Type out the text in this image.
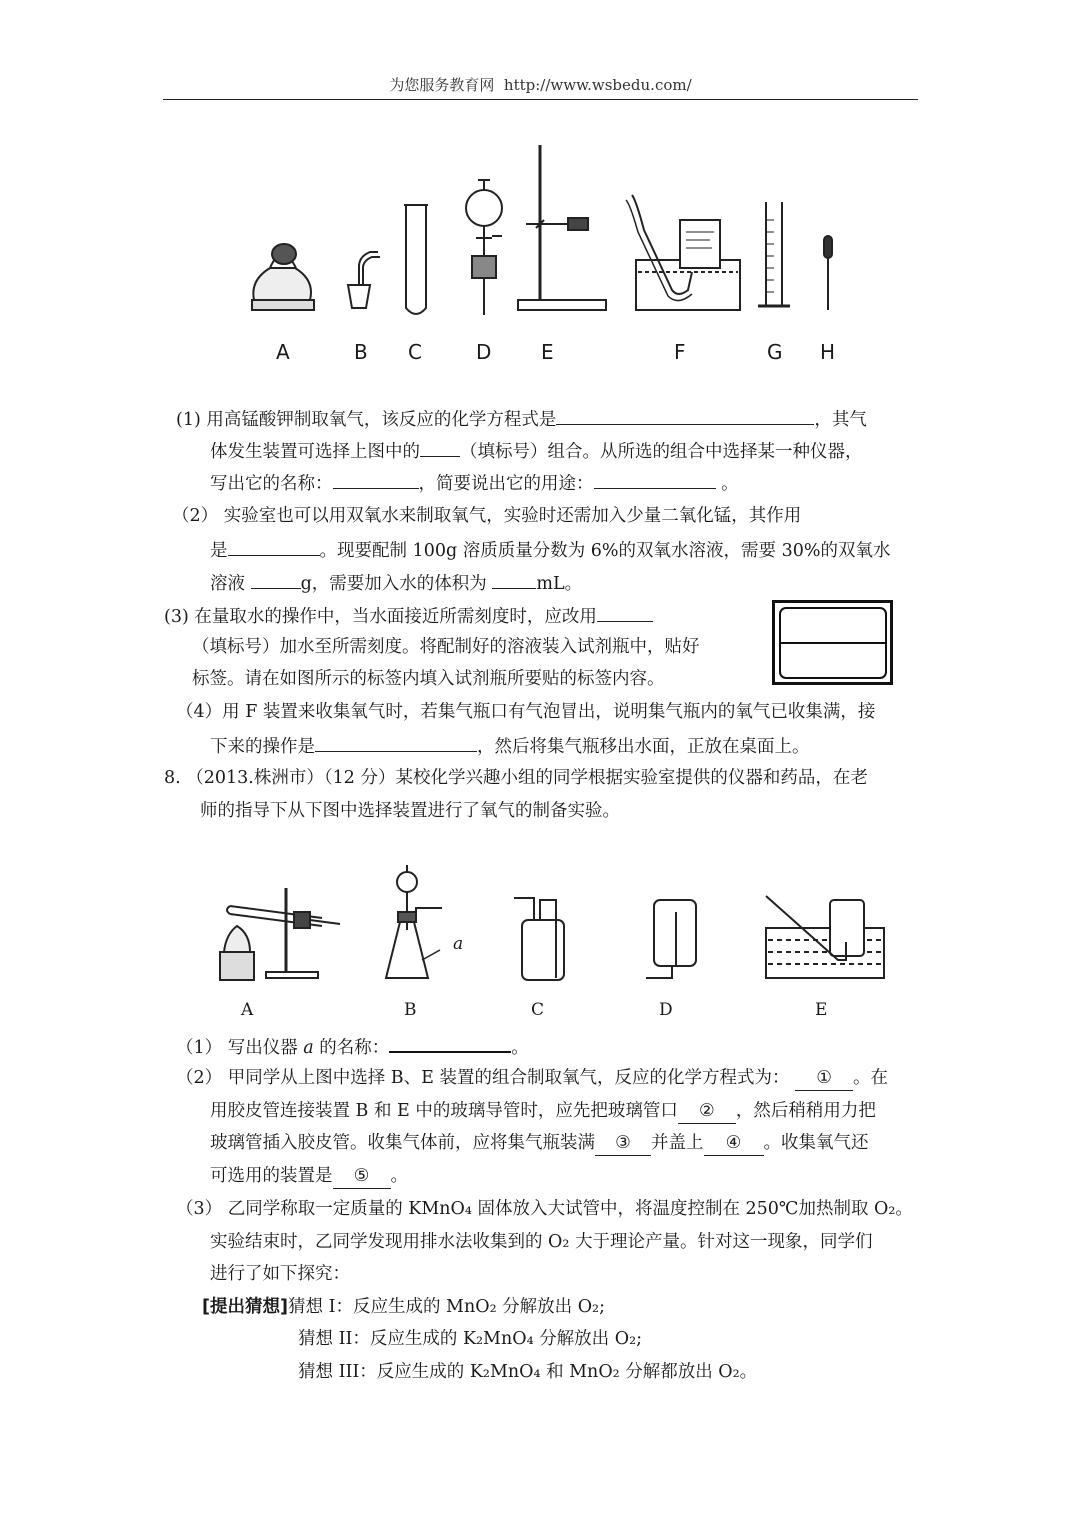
为您服务教育网 http://www.wsbedu.com/
A	B C	D E	F	G H
(1) 用高锰酸钾制取氧气，该反应的化学方程式是	，其气
体发生装置可选择上图中的 （填标号）组合。从所选的组合中选择某一种仪器，
写出它的名称：	，简要说出它的用途：	。
（2） 实验室也可以用双氧水来制取氧气，实验时还需加入少量二氧化锰，其作用
是	。现要配制 100g 溶质质量分数为 6%的双氧水溶液，需要 30%的双氧水
溶液	g，需要加入水的体积为	mL。
(3) 在量取水的操作中，当水面接近所需刻度时，应改用
（填标号）加水至所需刻度。将配制好的溶液装入试剂瓶中，贴好
标签。请在如图所示的标签内填入试剂瓶所要贴的标签内容。
（4）用 F 装置来收集氧气时，若集气瓶口有气泡冒出，说明集气瓶内的氧气已收集满，接
下来的操作是	，然后将集气瓶移出水面，正放在桌面上。
8. （2013.株洲市）（12 分）某校化学兴趣小组的同学根据实验室提供的仪器和药品，在老
师的指导下从下图中选择装置进行了氧气的制备实验。
A	B	C	D	E
a
（1） 写出仪器 a 的名称：	。
（2） 甲同学从上图中选择 B、E 装置的组合制取氧气，反应的化学方程式为： ① 。在
用胶皮管连接装置 B 和 E 中的玻璃导管时，应先把玻璃管口 ② ，然后稍稍用力把
玻璃管插入胶皮管。收集气体前，应将集气瓶装满 ③ 并盖上 ④ 。收集氧气还
可选用的装置是 ⑤ 。
（3） 乙同学称取一定质量的 KMnO₄ 固体放入大试管中，将温度控制在 250℃加热制取 O₂。
实验结束时，乙同学发现用排水法收集到的 O₂ 大于理论产量。针对这一现象，同学们
进行了如下探究：
[提出猜想]猜想 I：反应生成的 MnO₂ 分解放出 O₂;
猜想 II：反应生成的 K₂MnO₄ 分解放出 O₂;
猜想 III：反应生成的 K₂MnO₄ 和 MnO₂ 分解都放出 O₂。
